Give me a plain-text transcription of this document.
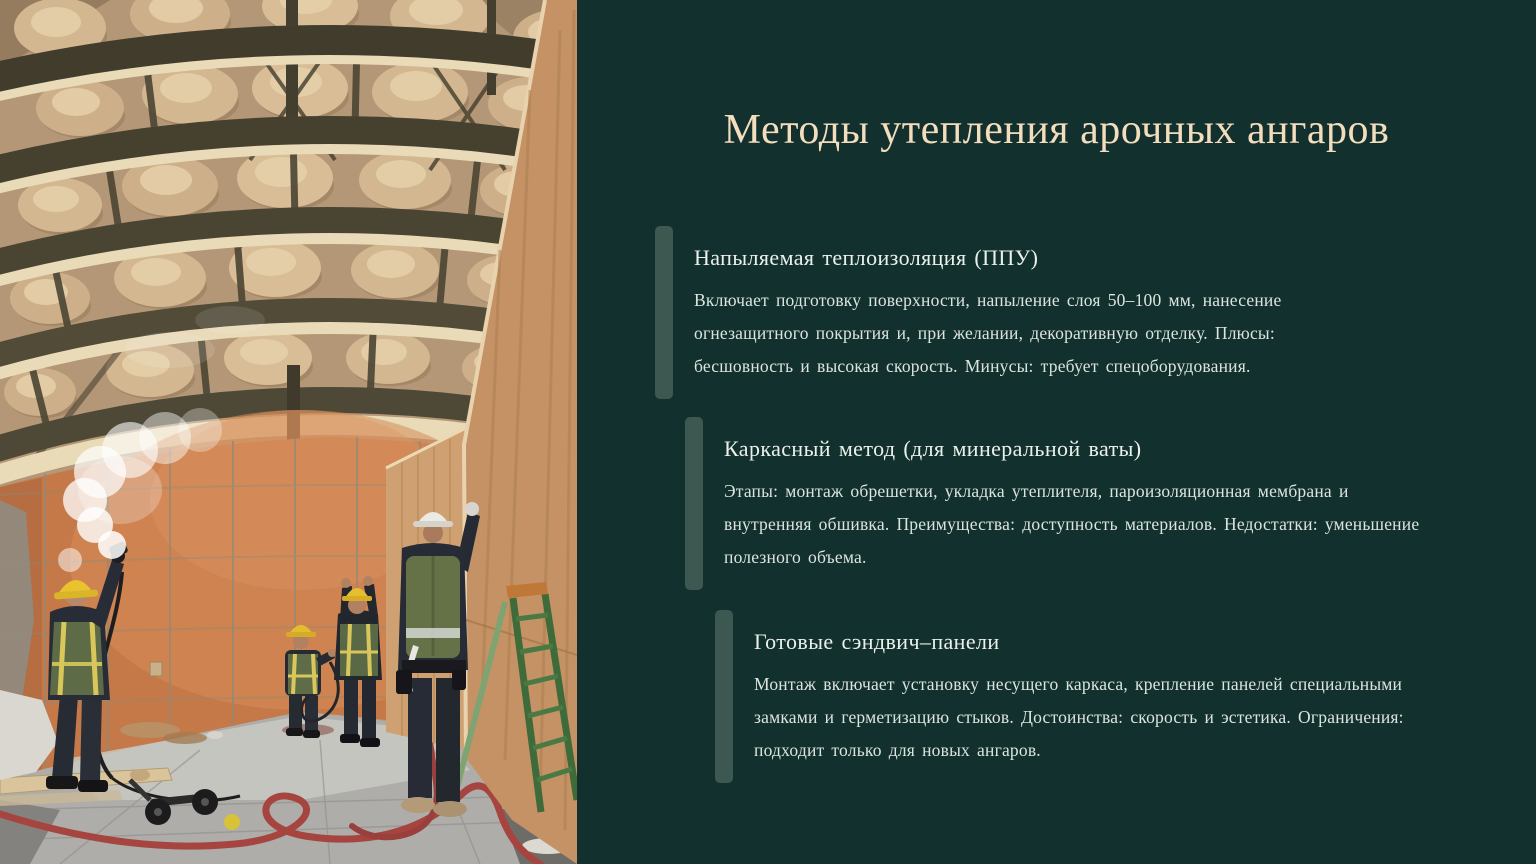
Методы утепления арочных ангаров
Напыляемая теплоизоляция (ППУ)

Включает подготовку поверхности, напыление слоя 50–100 мм, нанесение огнезащитного покрытия и, при желании, декоративную отделку. Плюсы: бесшовность и высокая скорость. Минусы: требует спецоборудования.

Каркасный метод (для минеральной ваты)

Этапы: монтаж обрешетки, укладка утеплителя, пароизоляционная мембрана и внутренняя обшивка. Преимущества: доступность материалов. Недостатки: уменьшение полезного объема.

Готовые сэндвич–панели

Монтаж включает установку несущего каркаса, крепление панелей специальными замками и герметизацию стыков. Достоинства: скорость и эстетика. Ограничения: подходит только для новых ангаров.
